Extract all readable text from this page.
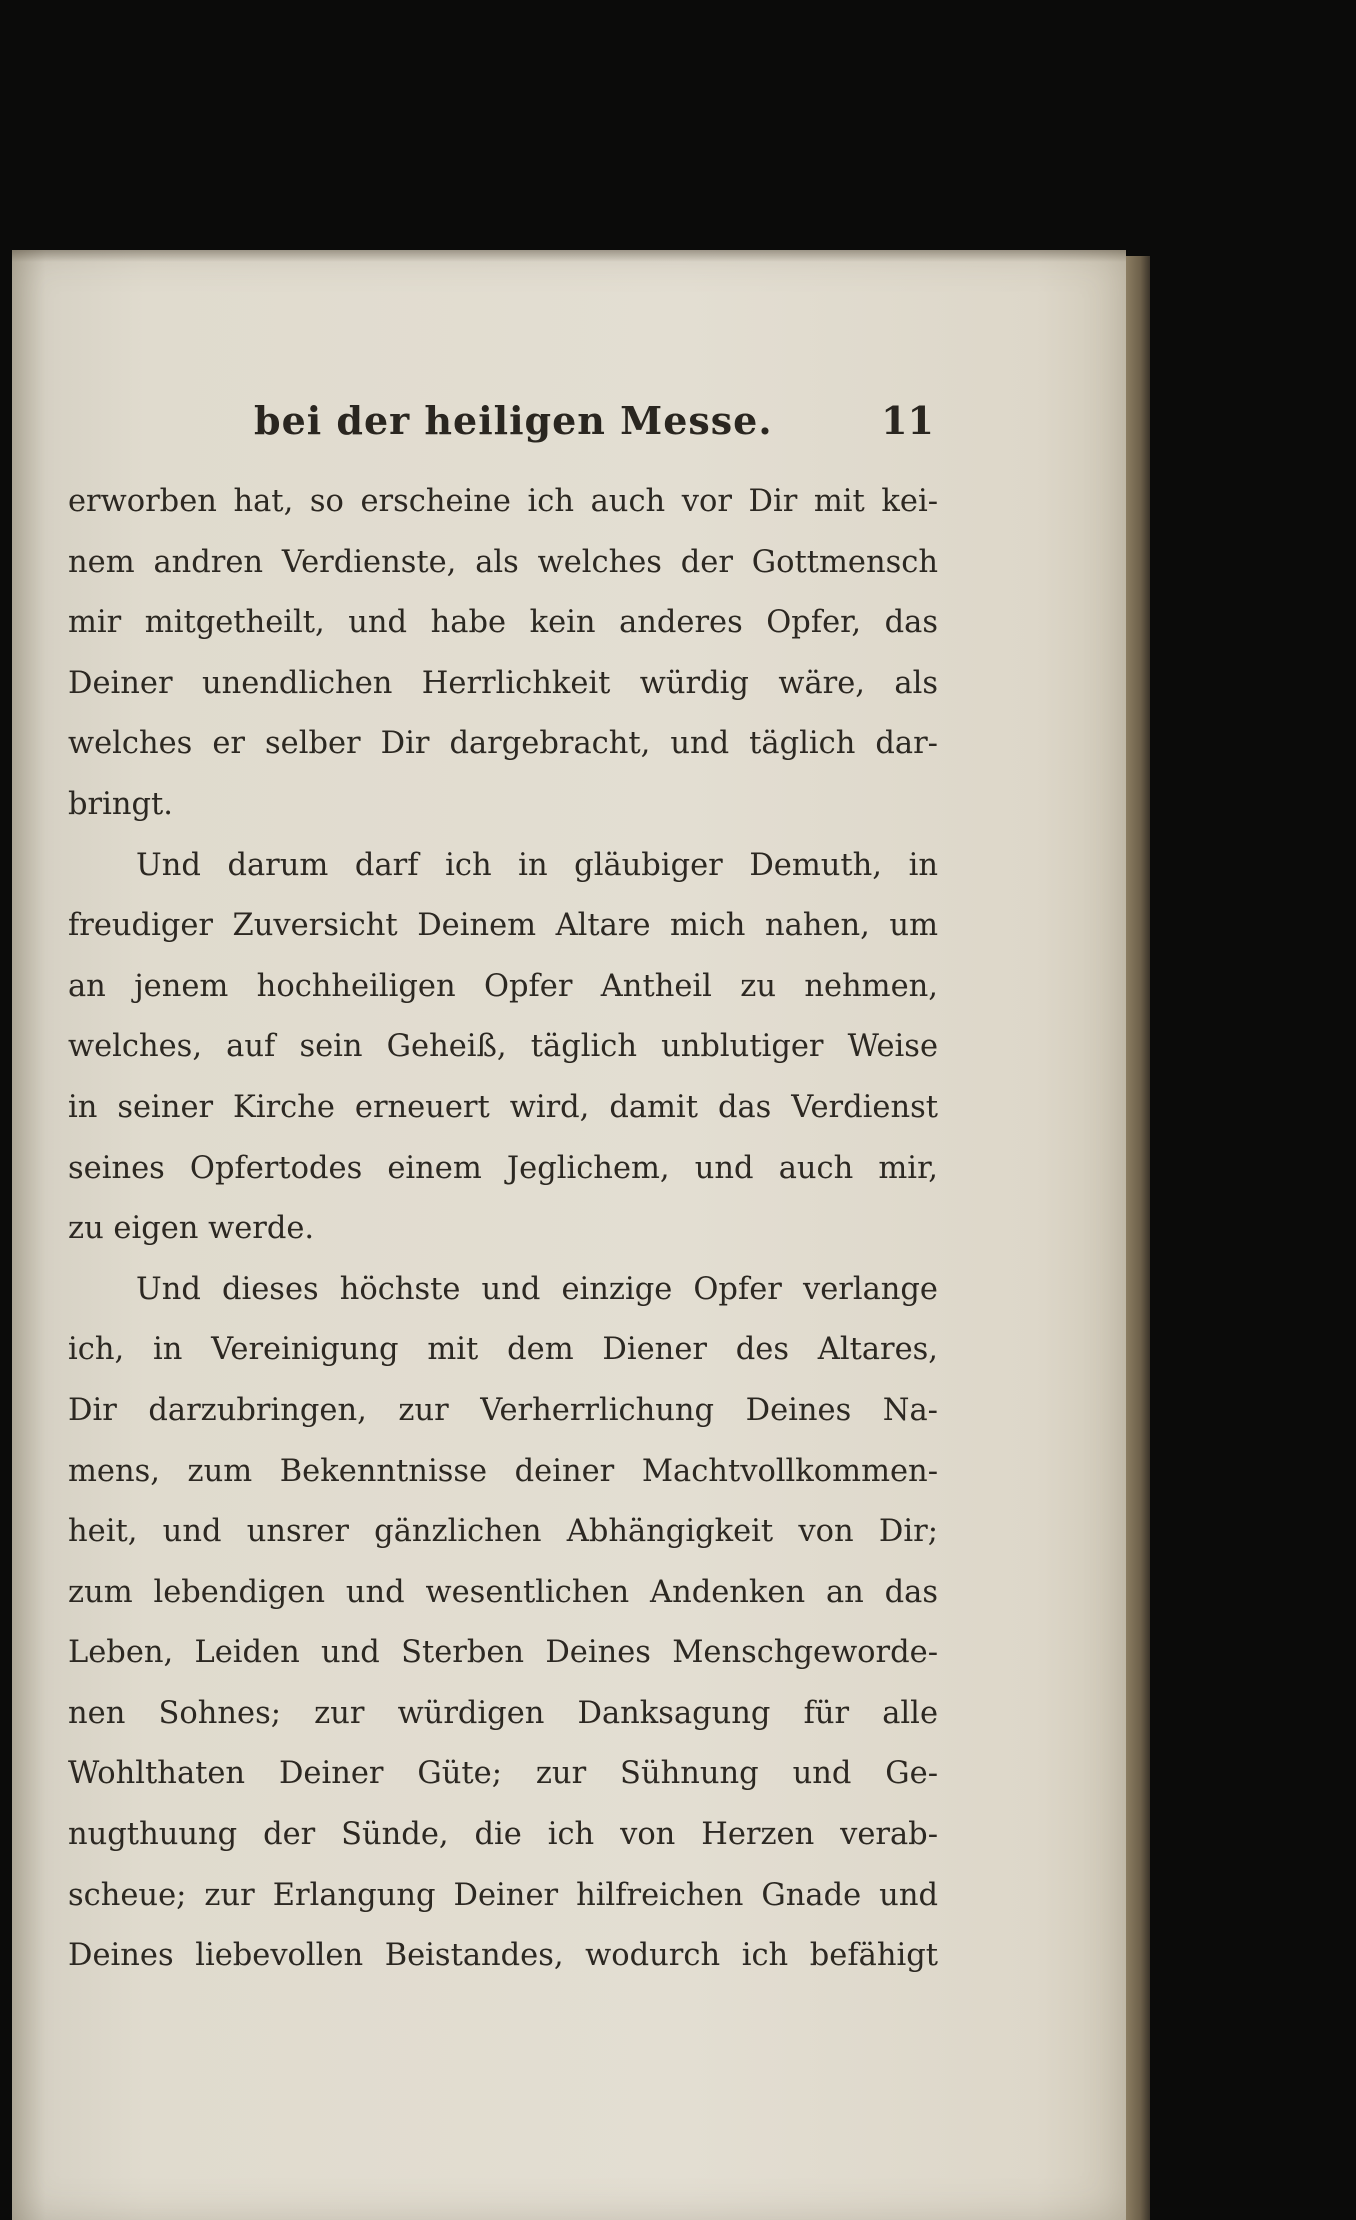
bei der heiligen Messe.	11
erworben hat, so erscheine ich auch vor Dir mit kei-
nem andren Verdienste, als welches der Gottmensch
mir mitgetheilt, und habe kein anderes Opfer, das
Deiner unendlichen Herrlichkeit würdig wäre, als
welches er selber Dir dargebracht, und täglich dar-
bringt.
Und darum darf ich in gläubiger Demuth, in
freudiger Zuversicht Deinem Altare mich nahen, um
an jenem hochheiligen Opfer Antheil zu nehmen,
welches, auf sein Geheiß, täglich unblutiger Weise
in seiner Kirche erneuert wird, damit das Verdienst
seines Opfertodes einem Jeglichem, und auch mir,
zu eigen werde.
Und dieses höchste und einzige Opfer verlange
ich, in Vereinigung mit dem Diener des Altares,
Dir darzubringen, zur Verherrlichung Deines Na-
mens, zum Bekenntnisse deiner Machtvollkommen-
heit, und unsrer gänzlichen Abhängigkeit von Dir;
zum lebendigen und wesentlichen Andenken an das
Leben, Leiden und Sterben Deines Menschgeworde-
nen Sohnes; zur würdigen Danksagung für alle
Wohlthaten Deiner Güte; zur Sühnung und Ge-
nugthuung der Sünde, die ich von Herzen verab-
scheue; zur Erlangung Deiner hilfreichen Gnade und
Deines liebevollen Beistandes, wodurch ich befähigt
